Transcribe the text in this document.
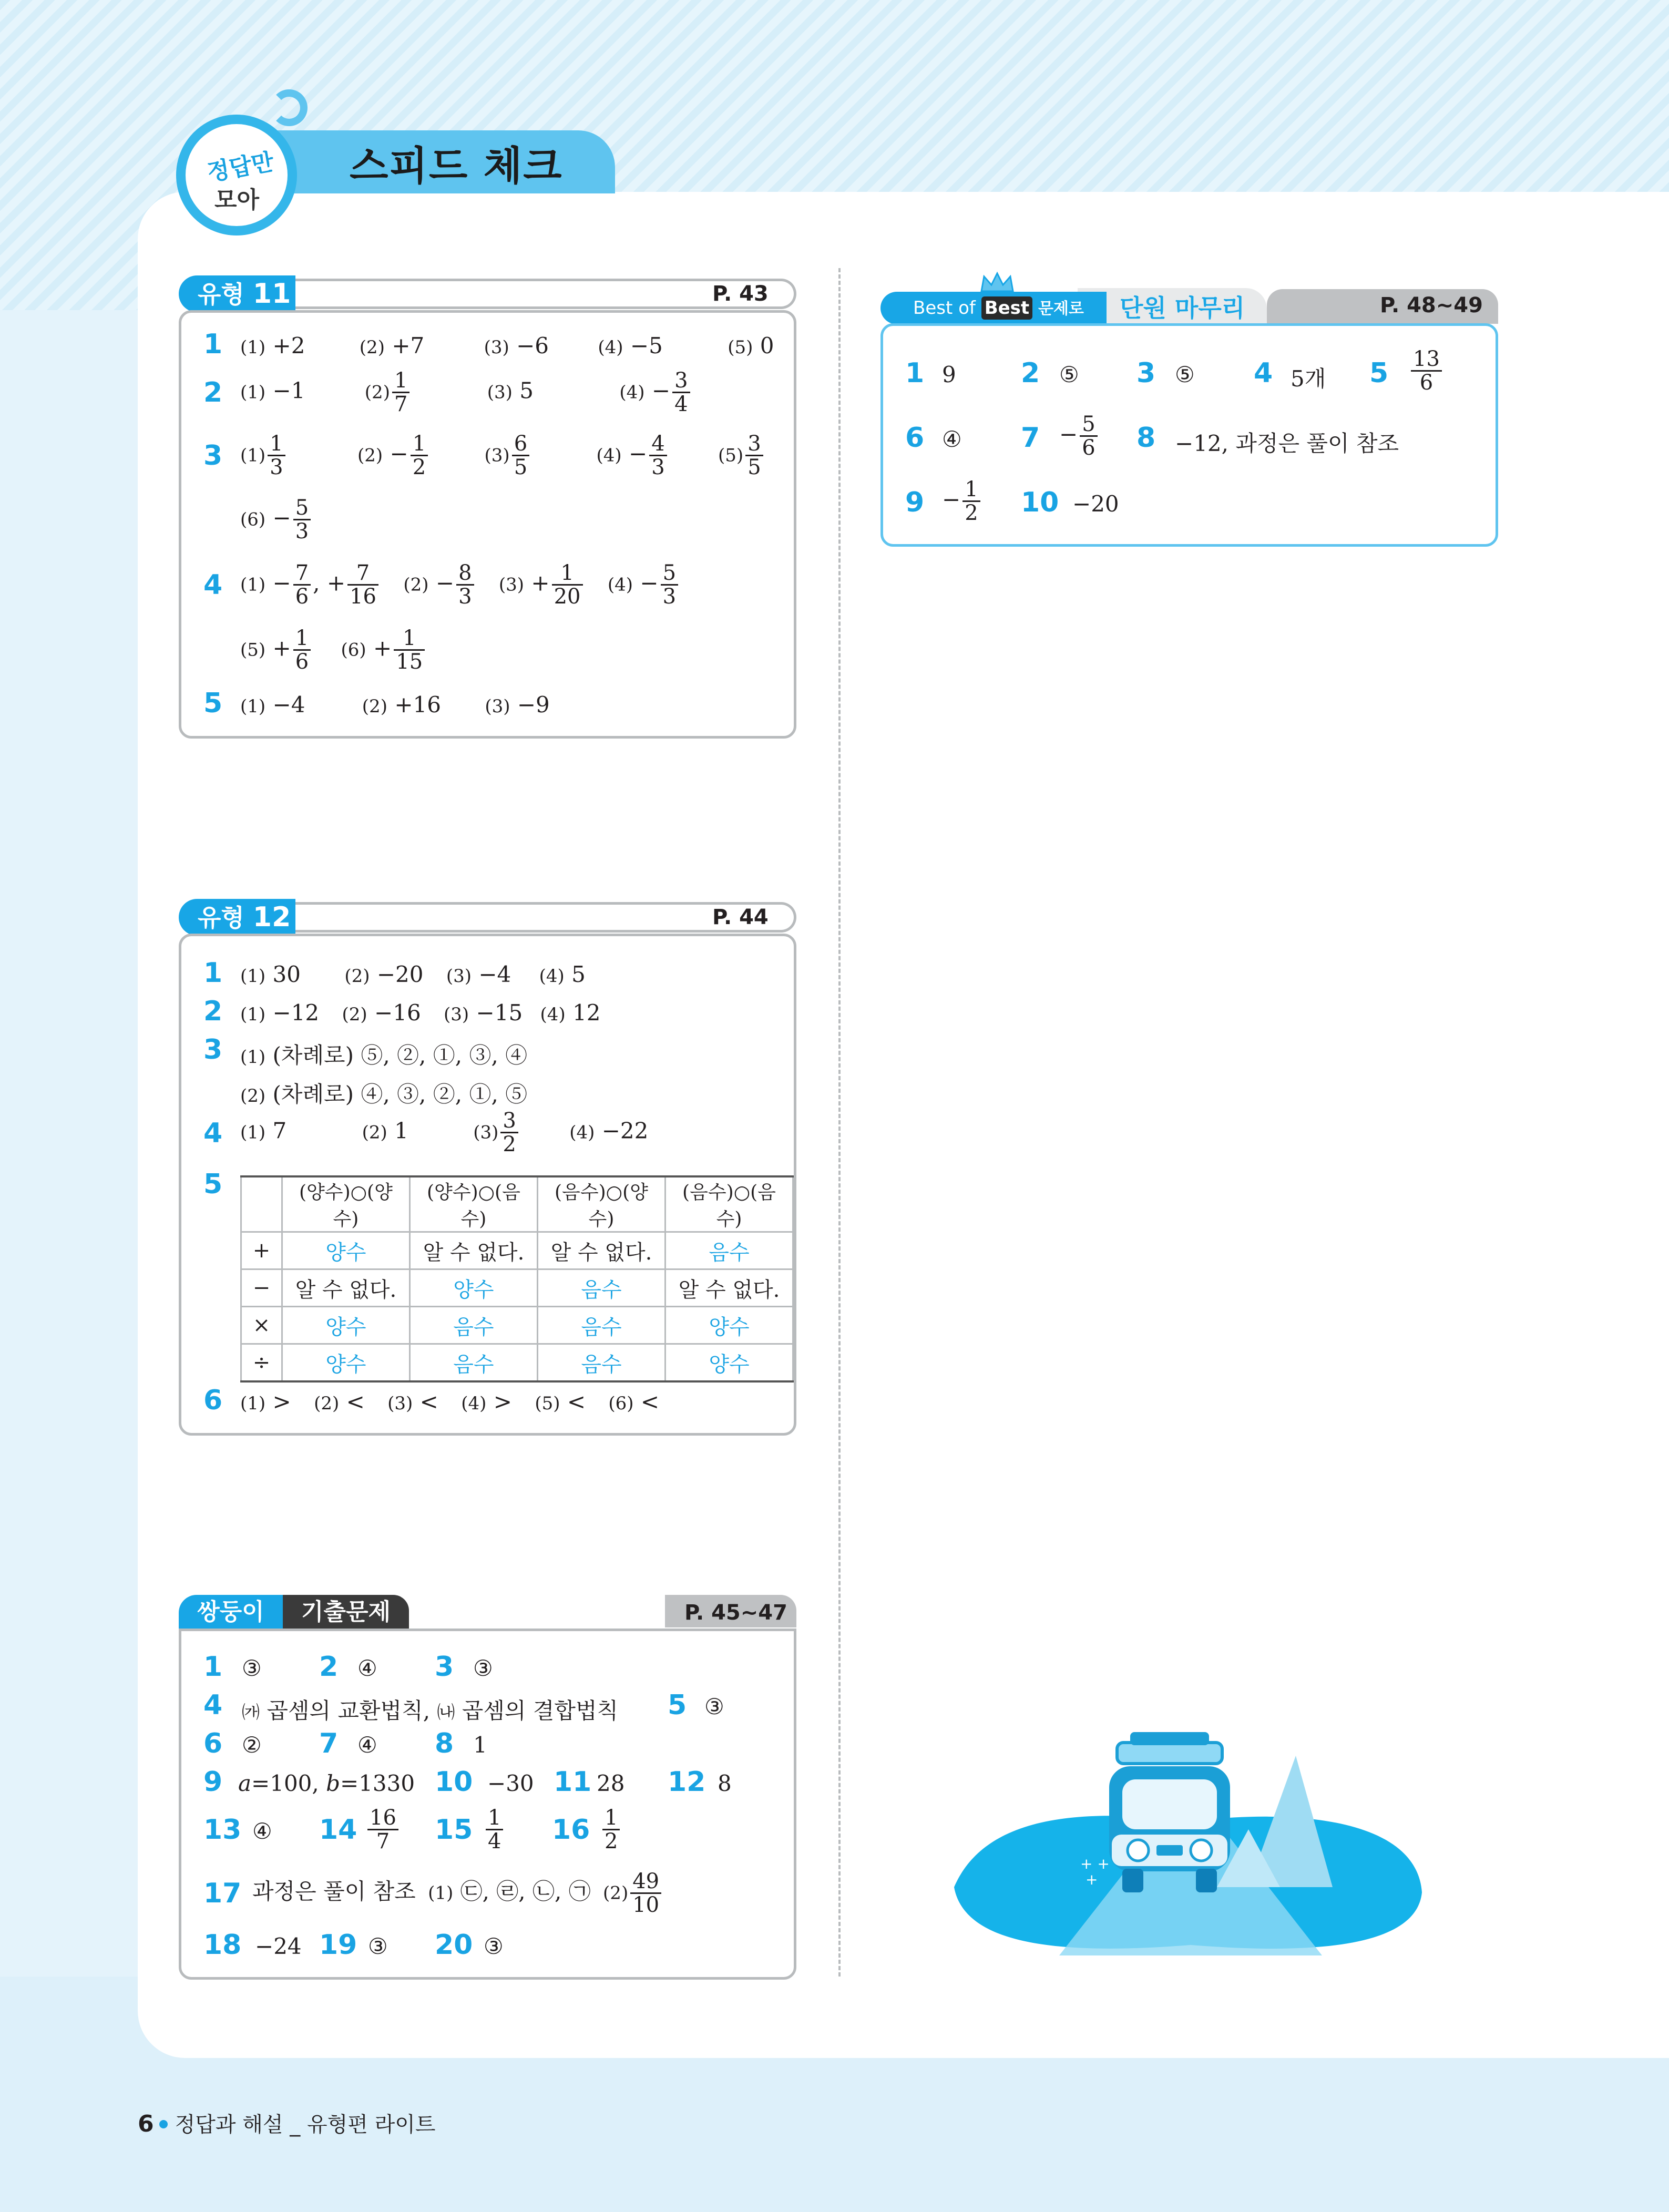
스피드 체크
정답만
모아
유형 11	P. 43
1 (1) +2	(2) +7	(3) −6 (4) −5	(5) 0
2 (1) −1	$(2) \frac{1}{7}$	(3) 5	$(4) - \frac{3}{4}$
3 $(1) \frac{1}{3}$	$(2) - \frac{1}{2}$	$(3) \frac{6}{5}$	$(4) - \frac{4}{3}$	$(5) \frac{3}{5}$
$(6) - \frac{5}{3}$
4 $(1) - \frac{7}{6}$ , + $\frac{7}{16} (2) - \frac{8}{3} (3) + \frac{1}{20} (4) - \frac{5}{3}$
$(5) + \frac{1}{6} (6) + \frac{1}{15}$
5 (1) −4	(2) +16 (3) −9
유형 12	P. 44
1 (1) 30 (2) −20 (3) −4 (4) 5
2 (1) −12 (2) −16 (3) −15 (4) 12
3 (1) (차례로) ⑤, ②, ①, ③, ④
(2) (차례로) ④, ③, ②, ①, ⑤
4 (1) 7	(2) 1	$(3) \frac{3}{2}$	(4) −22
5
		(양수)○(양수)	(양수)○(음수)	(음수)○(양수)	(음수)○(음수)
+	양수	알 수 없다.	알 수 없다.	음수
−	알 수 없다.	양수	음수	알 수 없다.
×	양수	음수	음수	양수
÷	양수	음수	음수	양수
6 (1) > (2) < (3) < (4) > (5) < (6) <
쌍둥이	기출문제	P. 45~47
1 ③ 2 ④ 3 ③
4 ㈎ 곱셈의 교환법칙, ㈏ 곱셈의 결합법칙 5 ③
6 ② 7 ④ 8 1
9 a=100, b=1330 10 −30 11 28 12 8
13 ④ $14 \frac{16}{7} 15 \frac{1}{4} 16 \frac{1}{2}$
17 과정은 풀이 참조 (1) ㉢, ㉣, ㉡, ㉠ $(2) \frac{49}{10}$
18 −24 19 ③ 20 ③
Best of Best 문제로	단원 마무리	P. 48~49
1 9 2 ⑤ 3 ⑤ 4 5개 $5 \frac{13}{6}$
6 ④ $7 - \frac{5}{6} 8 -12$, 과정은 풀이 참조
$9 - \frac{1}{2} 10 -20$
+ +
+
6 정답과 해설 _ 유형편 라이트
